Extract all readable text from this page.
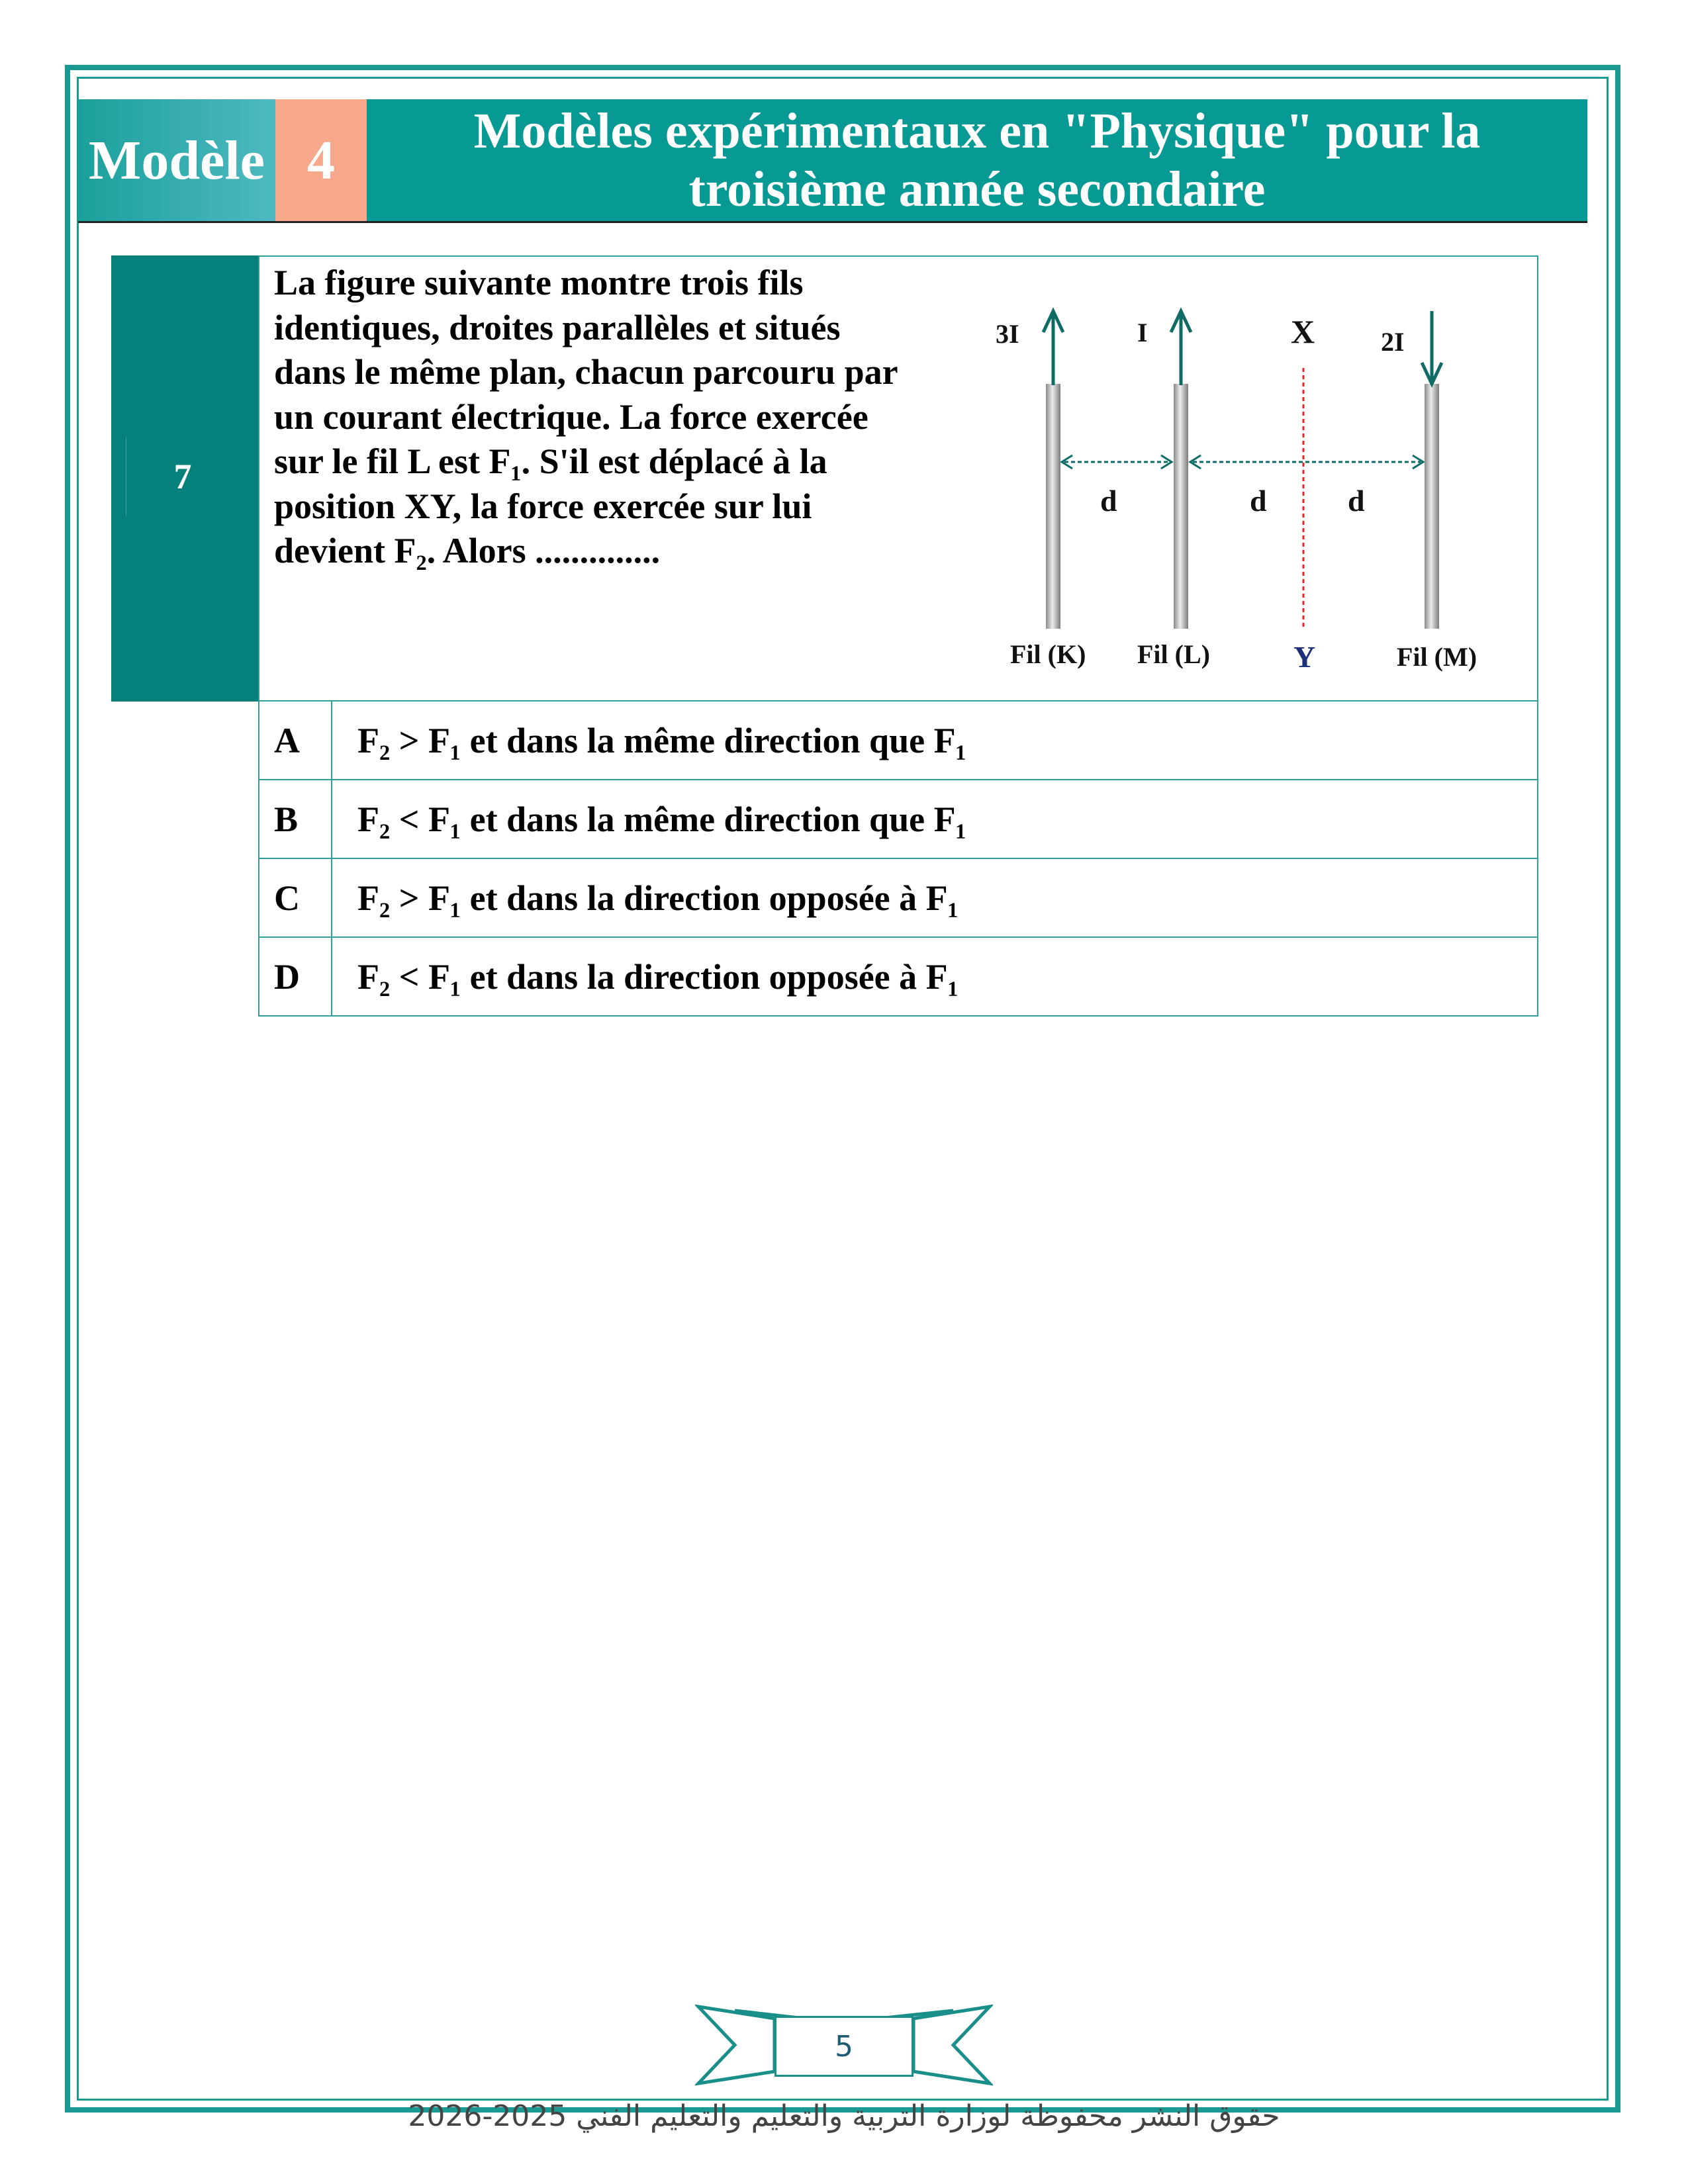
Modèle 4	Modèles expérimentaux en "Physique" pour la
troisième année secondaire
7
La figure suivante montre trois fils
identiques, droites parallèles et situés
dans le même plan, chacun parcouru par
un courant électrique. La force exercée
sur le fil L est F₁. S'il est déplacé à la
position XY, la force exercée sur lui
devient F₂. Alors ..............
3I	I	2I
X
Y
d	d	d
Fil (K) Fil (L)	Fil (M)
A	F₂ > F₁ et dans la même direction que F₁
B	F₂ < F₁ et dans la même direction que F₁
C	F₂ > F₁ et dans la direction opposée à F₁
D	F₂ < F₁ et dans la direction opposée à F₁
5
حقوق النشر محفوظة لوزارة التربية والتعليم والتعليم الفني 2025-2026
